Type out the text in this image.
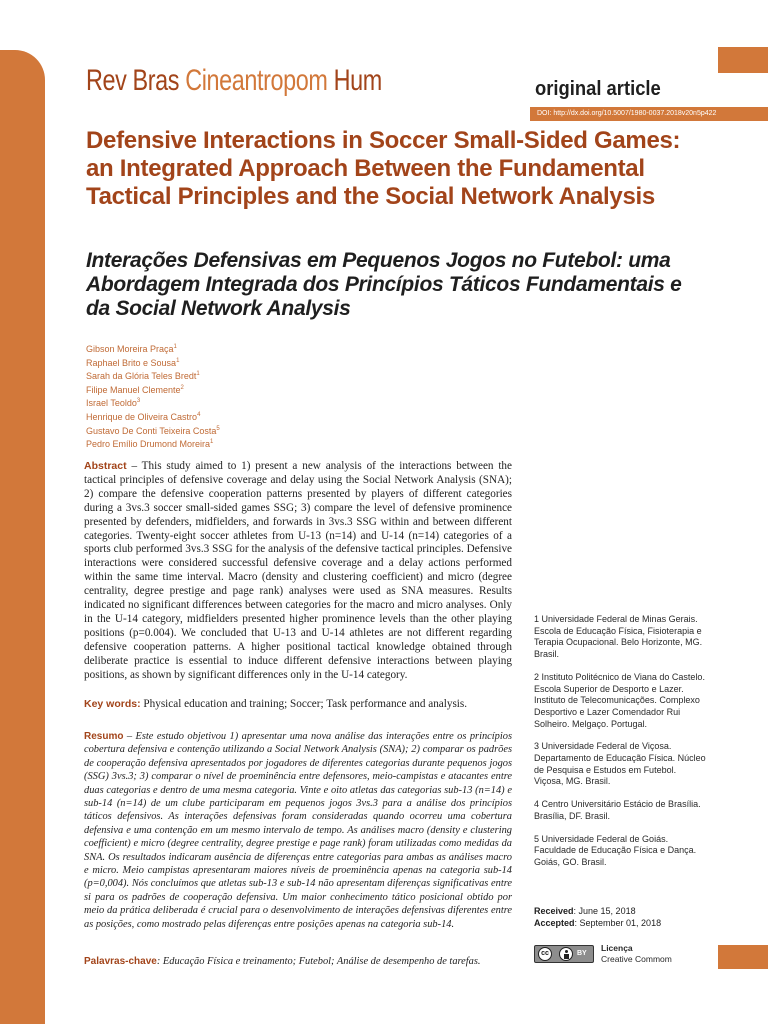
Rev Bras Cineantropom Hum	original article
DOI: http://dx.doi.org/10.5007/1980-0037.2018v20n5p422
Defensive Interactions in Soccer Small-Sided Games: an Integrated Approach Between the Fundamental Tactical Principles and the Social Network Analysis
Interações Defensivas em Pequenos Jogos no Futebol: uma Abordagem Integrada dos Princípios Táticos Fundamentais e da Social Network Analysis
Gibson Moreira Praça$^1$
Raphael Brito e Sousa$^1$
Sarah da Glória Teles Bredt$^1$
Filipe Manuel Clemente$^2$
Israel Teoldo$^3$
Henrique de Oliveira Castro$^4$
Gustavo De Conti Teixeira Costa$^5$
Pedro Emílio Drumond Moreira$^1$

Abstract – This study aimed to 1) present a new analysis of the interactions between the tactical principles of defensive coverage and delay using the Social Network Analysis (SNA); 2) compare the defensive cooperation patterns presented by players of different categories during a 3vs.3 soccer small-sided games SSG; 3) compare the level of defensive prominence presented by defenders, midfielders, and forwards in 3vs.3 SSG within and between different categories. Twenty-eight soccer athletes from U-13 (n=14) and U-14 (n=14) categories of a sports club performed 3vs.3 SSG for the analysis of the defensive tactical principles. Defensive interactions were considered successful defensive coverage and a delay actions performed within the same time interval. Macro (density and clustering coefficient) and micro (degree centrality, degree prestige and page rank) analyses were used as SNA measures. Results indicated no significant differences between categories for the macro and micro analyses. Only in the U-14 category, midfielders presented higher prominence levels than the other playing positions (p=0.004). We concluded that U-13 and U-14 athletes are not different regarding defensive cooperation patterns. A higher positional tactical knowledge obtained through deliberate practice is essential to induce different defensive interactions between playing positions, as shown by significant differences only in the U-14 category.

Key words: Physical education and training; Soccer; Task performance and analysis.

Resumo – Este estudo objetivou 1) apresentar uma nova análise das interações entre os princípios cobertura defensiva e contenção utilizando a Social Network Analysis (SNA); 2) comparar os padrões de cooperação defensiva apresentados por jogadores de diferentes categorias durante pequenos jogos (SSG) 3vs.3; 3) comparar o nível de proeminência entre defensores, meio-campistas e atacantes entre duas categorias e dentro de uma mesma categoria. Vinte e oito atletas das categorias sub-13 (n=14) e sub-14 (n=14) de um clube participaram em pequenos jogos 3vs.3 para a análise dos princípios táticos defensivos. As interações defensivas foram consideradas quando ocorreu uma cobertura defensiva e uma contenção em um mesmo intervalo de tempo. As análises macro (density e clustering coefficient) e micro (degree centrality, degree prestige e page rank) foram utilizadas como medidas da SNA. Os resultados indicaram ausência de diferenças entre categorias para ambas as análises macro e micro. Meio campistas apresentaram maiores níveis de proeminência apenas na categoria sub-14 (p=0,004). Nós concluímos que atletas sub-13 e sub-14 não apresentam diferenças significativas entre si para os padrões de cooperação defensiva. Um maior conhecimento tático posicional obtido por meio da prática deliberada é crucial para o desenvolvimento de interações defensivas diferentes entre as posições, como mostrado pelas diferenças entre posições apenas na categoria sub-14.

Palavras-chave: Educação Física e treinamento; Futebol; Análise de desempenho de tarefas.

1 Universidade Federal de Minas Gerais. Escola de Educação Física, Fisioterapia e Terapia Ocupacional. Belo Horizonte, MG. Brasil.

2 Instituto Politécnico de Viana do Castelo. Escola Superior de Desporto e Lazer. Instituto de Telecomunicações. Complexo Desportivo e Lazer Comendador Rui Solheiro. Melgaço. Portugal.

3 Universidade Federal de Viçosa. Departamento de Educação Física. Núcleo de Pesquisa e Estudos em Futebol. Viçosa, MG. Brasil.

4 Centro Universitário Estácio de Brasília. Brasília, DF. Brasil.

5 Universidade Federal de Goiás. Faculdade de Educação Física e Dança. Goiás, GO. Brasil.

Received: June 15, 2018
Accepted: September 01, 2018
cc	BY
Licença
Creative Commom
